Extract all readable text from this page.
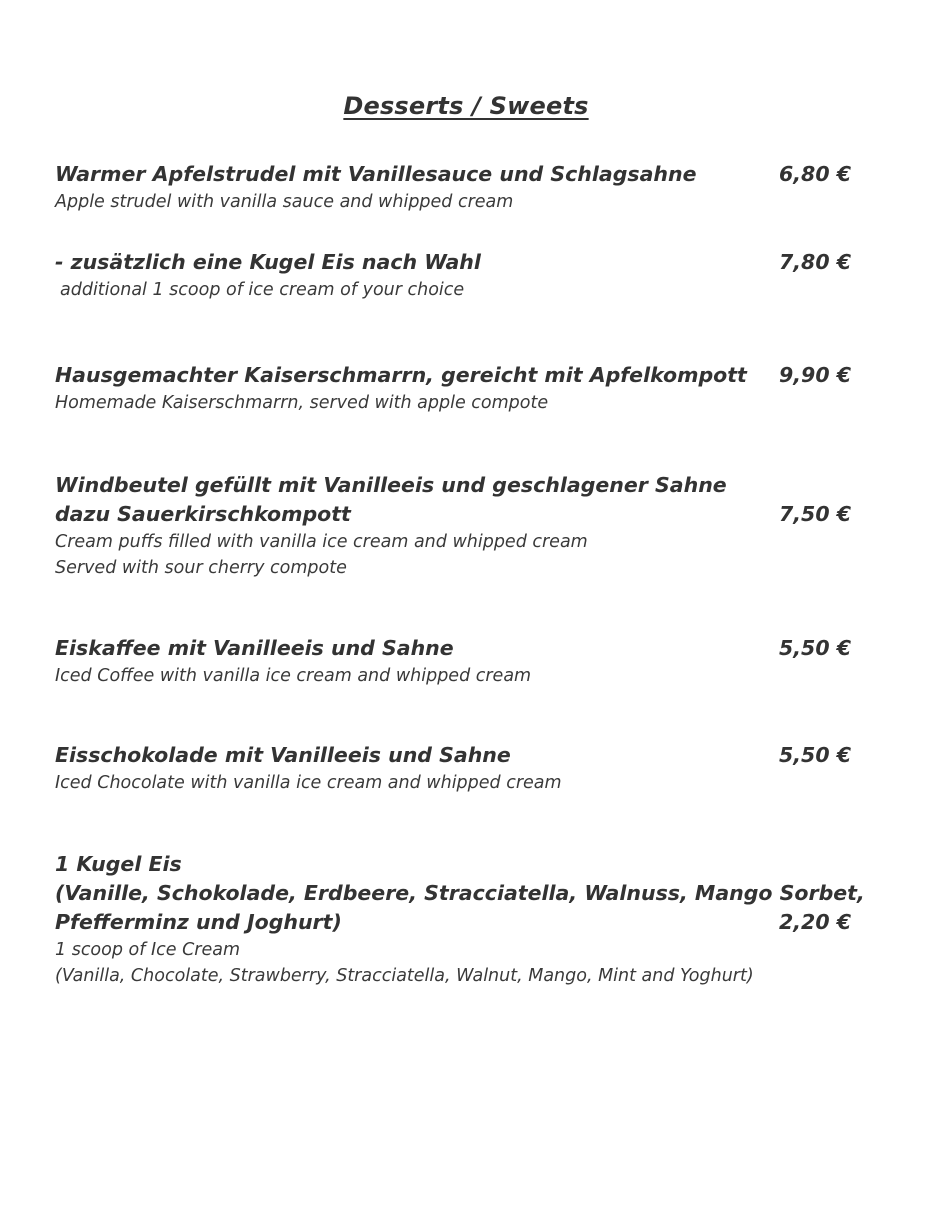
Desserts / Sweets
Warmer Apfelstrudel mit Vanillesauce und Schlagsahne
Apple strudel with vanilla sauce and whipped cream
6,80 €
- zusätzlich eine Kugel Eis nach Wahl
additional 1 scoop of ice cream of your choice
7,80 €
Hausgemachter Kaiserschmarrn, gereicht mit Apfelkompott
Homemade Kaiserschmarrn, served with apple compote
9,90 €
Windbeutel gefüllt mit Vanilleeis und geschlagener Sahne
dazu Sauerkirschkompott
Cream puffs filled with vanilla ice cream and whipped cream
Served with sour cherry compote
7,50 €
Eiskaffee mit Vanilleeis und Sahne
Iced Coffee with vanilla ice cream and whipped cream
5,50 €
Eisschokolade mit Vanilleeis und Sahne
Iced Chocolate with vanilla ice cream and whipped cream
5,50 €
1 Kugel Eis
(Vanille, Schokolade, Erdbeere, Stracciatella, Walnuss, Mango Sorbet,
Pfefferminz und Joghurt)
1 scoop of Ice Cream
(Vanilla, Chocolate, Strawberry, Stracciatella, Walnut, Mango, Mint and Yoghurt)
2,20 €
